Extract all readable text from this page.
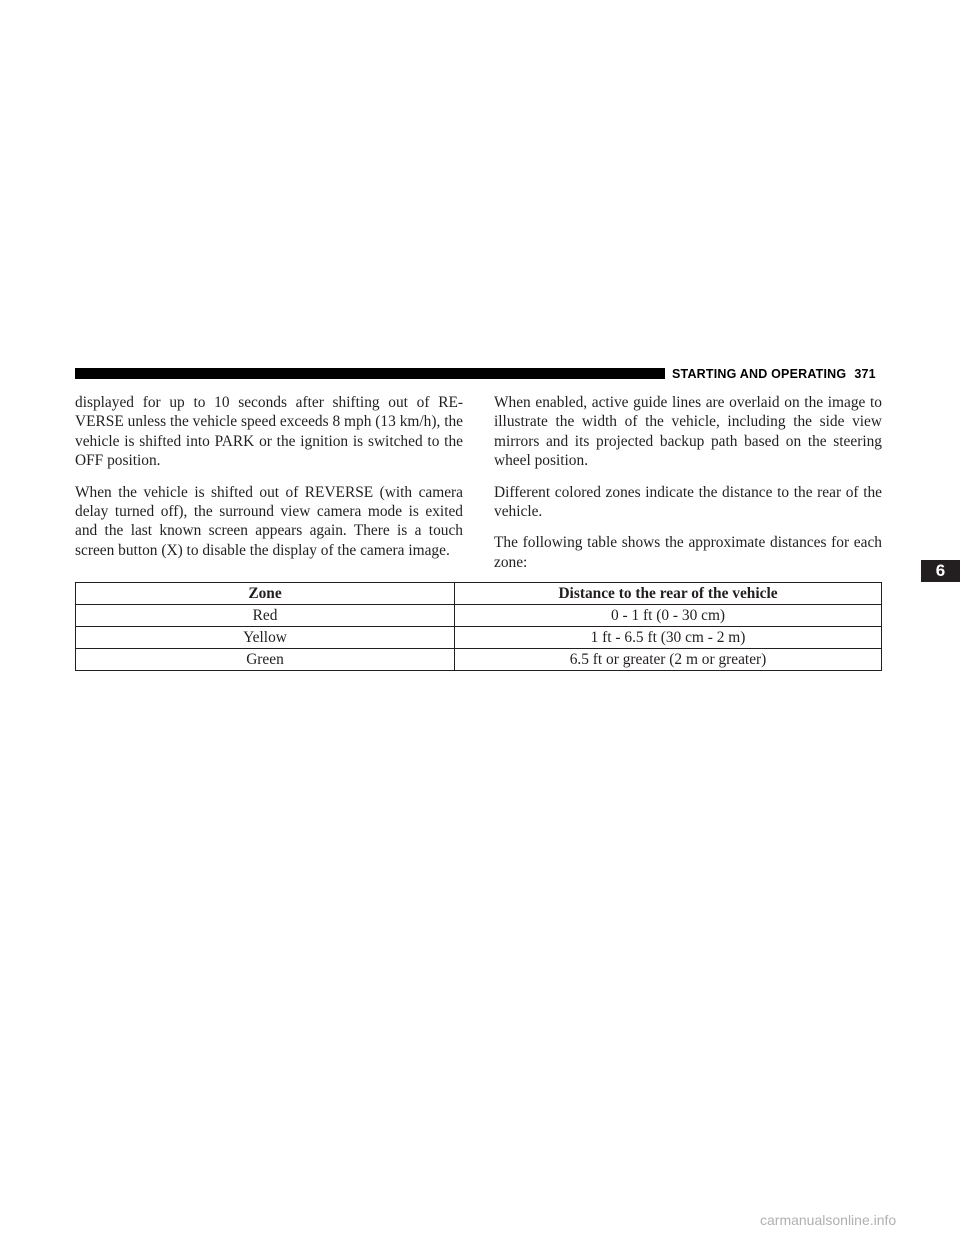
STARTING AND OPERATING 371

displayed for up to 10 seconds after shifting out of RE-VERSE unless the vehicle speed exceeds 8 mph (13 km/h), the vehicle is shifted into PARK or the ignition is switched to the OFF position.

When the vehicle is shifted out of REVERSE (with camera delay turned off), the surround view camera mode is exited and the last known screen appears again. There is a touch screen button (X) to disable the display of the camera image.

When enabled, active guide lines are overlaid on the image to illustrate the width of the vehicle, including the side view mirrors and its projected backup path based on the steering wheel position.

Different colored zones indicate the distance to the rear of the vehicle.

The following table shows the approximate distances for each zone:	6
Zone	Distance to the rear of the vehicle
Red	0 - 1 ft (0 - 30 cm)
Yellow	1 ft - 6.5 ft (30 cm - 2 m)
Green	6.5 ft or greater (2 m or greater)
carmanualsonline.info
